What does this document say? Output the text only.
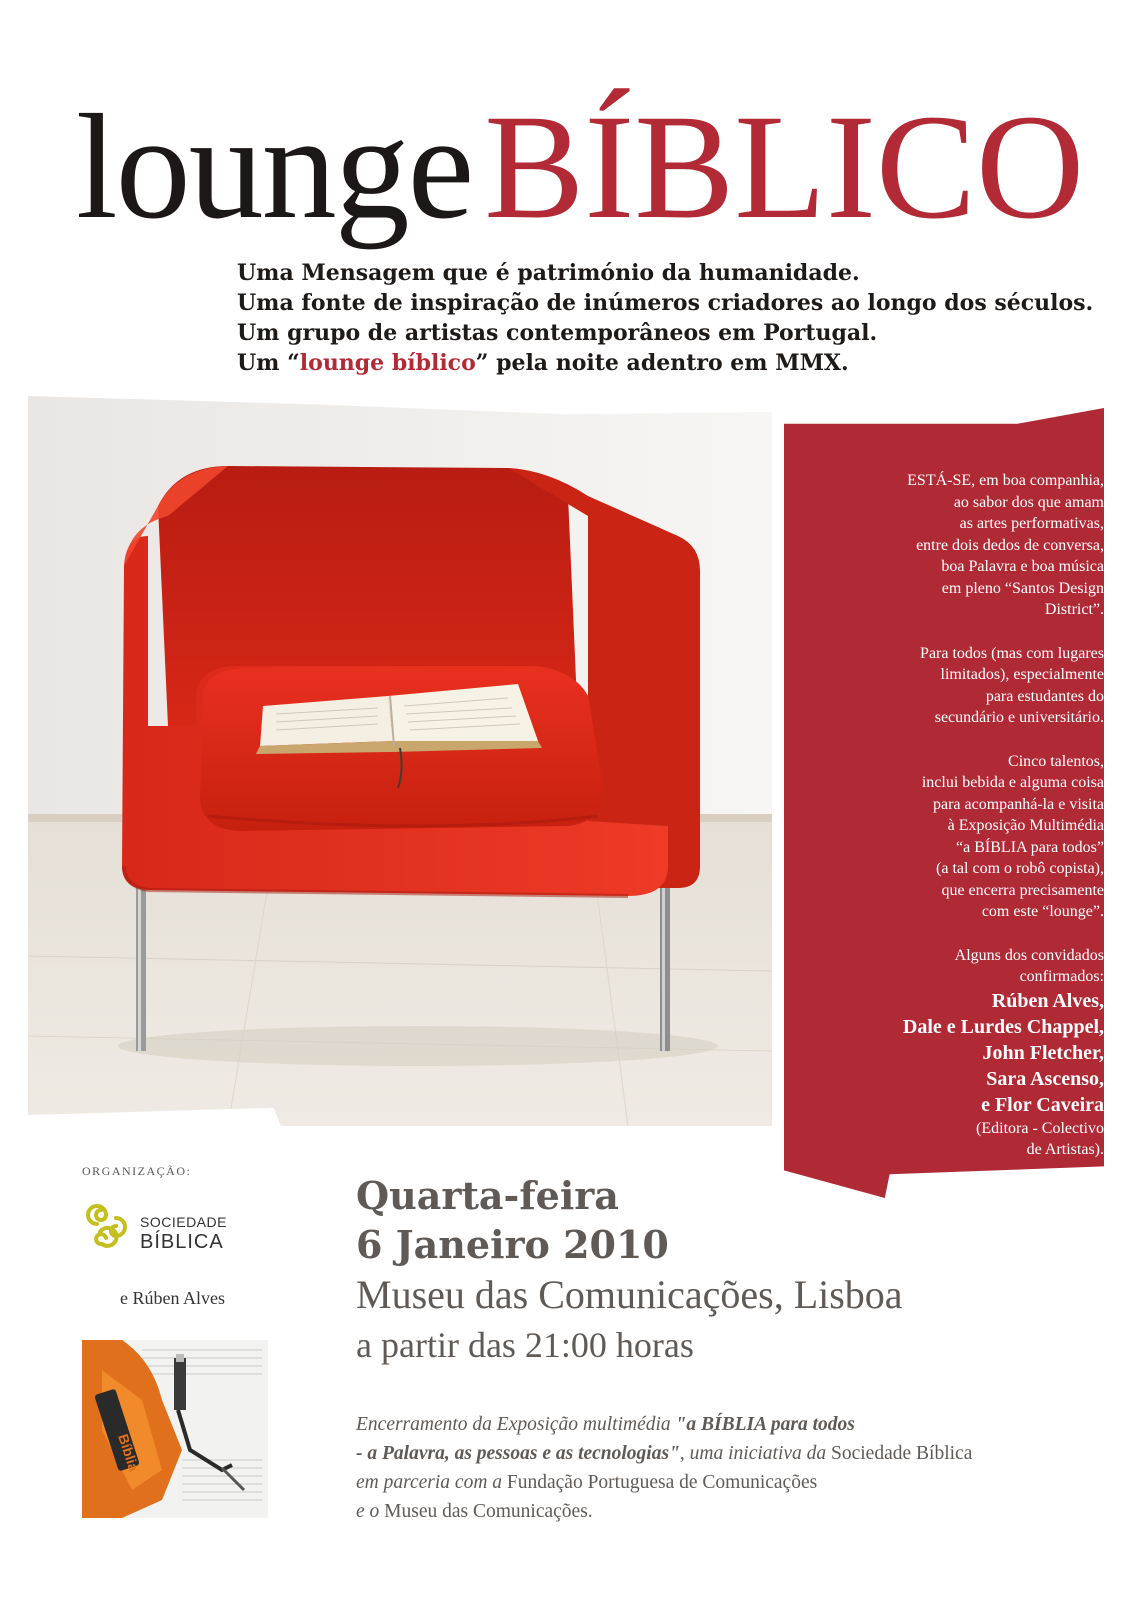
loungeBÍBLICO
Uma Mensagem que é património da humanidade.
Uma fonte de inspiração de inúmeros criadores ao longo dos séculos.
Um grupo de artistas contemporâneos em Portugal.
Um “lounge bíblico” pela noite adentro em MMX.
ESTÁ-SE, em boa companhia,
ao sabor dos que amam
as artes performativas,
entre dois dedos de conversa,
boa Palavra e boa música
em pleno “Santos Design
District”.
Para todos (mas com lugares
limitados), especialmente
para estudantes do
secundário e universitário.
Cinco talentos,
inclui bebida e alguma coisa
para acompanhá-la e visita
à Exposição Multimédia
“a BÍBLIA para todos”
(a tal com o robô copista),
que encerra precisamente
com este “lounge”.
Alguns dos convidados
confirmados:
Rúben Alves,
Dale e Lurdes Chappel,
John Fletcher,
Sara Ascenso,
e Flor Caveira
(Editora - Colectivo
de Artistas).
ORGANIZAÇÃO:
SOCIEDADE
BÍBLICA
e Rúben Alves
Bíblia
Quarta-feira
6 Janeiro 2010
Museu das Comunicações, Lisboa
a partir das 21:00 horas
Encerramento da Exposição multimédia "a BÍBLIA para todos
- a Palavra, as pessoas e as tecnologias", uma iniciativa da Sociedade Bíblica
em parceria com a Fundação Portuguesa de Comunicações
e o Museu das Comunicações.
